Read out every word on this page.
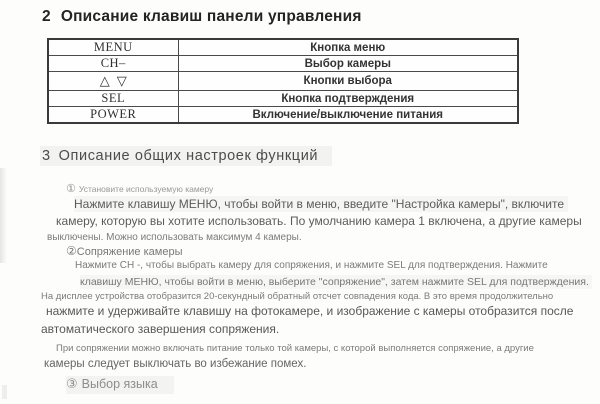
2 Описание клавиш панели управления
MENU	Кнопка меню
CH–	Выбор камеры
△ ▽	Кнопки выбора
SEL	Кнопка подтверждения
POWER	Включение/выключение питания
3 Описание общих настроек функций
① Установите используемую камеру
Нажмите клавишу МЕНЮ, чтобы войти в меню, введите "Настройка камеры", включите
камеру, которую вы хотите использовать. По умолчанию камера 1 включена, а другие камеры
выключены. Можно использовать максимум 4 камеры.
②Сопряжение камеры
Нажмите CH -, чтобы выбрать камеру для сопряжения, и нажмите SEL для подтверждения. Нажмите
клавишу МЕНЮ, чтобы войти в меню, выберите "сопряжение", затем нажмите SEL для подтверждения.
На дисплее устройства отобразится 20-секундный обратный отсчет совпадения кода. В это время продолжительно
нажмите и удерживайте клавишу на фотокамере, и изображение с камеры отобразится после
автоматического завершения сопряжения.
При сопряжении можно включать питание только той камеры, с которой выполняется сопряжение, а другие
камеры следует выключать во избежание помех.
③ Выбор языка
